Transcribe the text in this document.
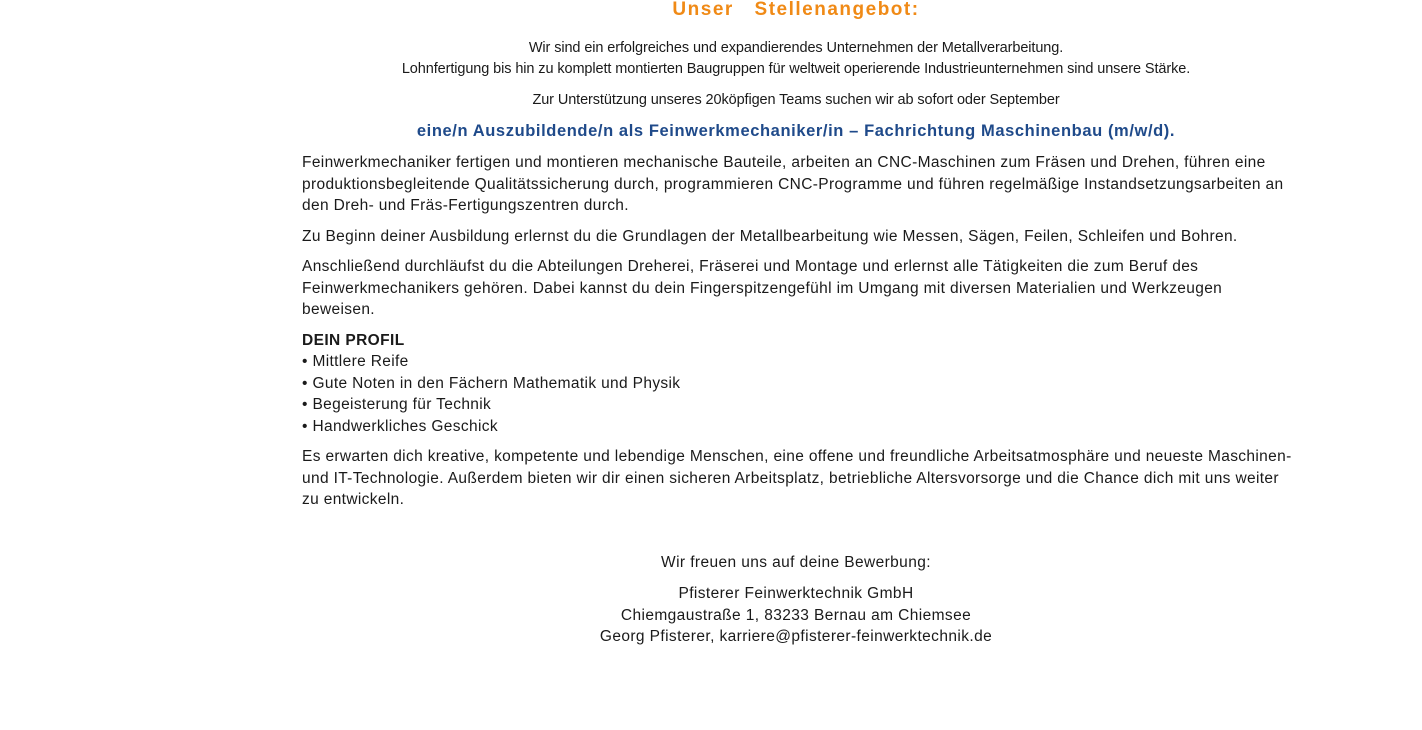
Unser Stellenangebot:

Wir sind ein erfolgreiches und expandierendes Unternehmen der Metallverarbeitung.

Lohnfertigung bis hin zu komplett montierten Baugruppen für weltweit operierende Industrieunternehmen sind unsere Stärke.

Zur Unterstützung unseres 20köpfigen Teams suchen wir ab sofort oder September

eine/n Auszubildende/n als Feinwerkmechaniker/in – Fachrichtung Maschinenbau (m/w/d).

Feinwerkmechaniker fertigen und montieren mechanische Bauteile, arbeiten an CNC-Maschinen zum Fräsen und Drehen, führen eine produktionsbegleitende Qualitätssicherung durch, programmieren CNC-Programme und führen regelmäßige Instandsetzungsarbeiten an den Dreh- und Fräs-Fertigungszentren durch.

Zu Beginn deiner Ausbildung erlernst du die Grundlagen der Metallbearbeitung wie Messen, Sägen, Feilen, Schleifen und Bohren.

Anschließend durchläufst du die Abteilungen Dreherei, Fräserei und Montage und erlernst alle Tätigkeiten die zum Beruf des Feinwerkmechanikers gehören. Dabei kannst du dein Fingerspitzengefühl im Umgang mit diversen Materialien und Werkzeugen beweisen.

DEIN PROFIL
• Mittlere Reife
• Gute Noten in den Fächern Mathematik und Physik
• Begeisterung für Technik
• Handwerkliches Geschick

Es erwarten dich kreative, kompetente und lebendige Menschen, eine offene und freundliche Arbeitsatmosphäre und neueste Maschinen- und IT-Technologie. Außerdem bieten wir dir einen sicheren Arbeitsplatz, betriebliche Altersvorsorge und die Chance dich mit uns weiter zu entwickeln.

Wir freuen uns auf deine Bewerbung:

Pfisterer Feinwerktechnik GmbH

Chiemgaustraße 1, 83233 Bernau am Chiemsee

Georg Pfisterer, karriere@pfisterer-feinwerktechnik.de
